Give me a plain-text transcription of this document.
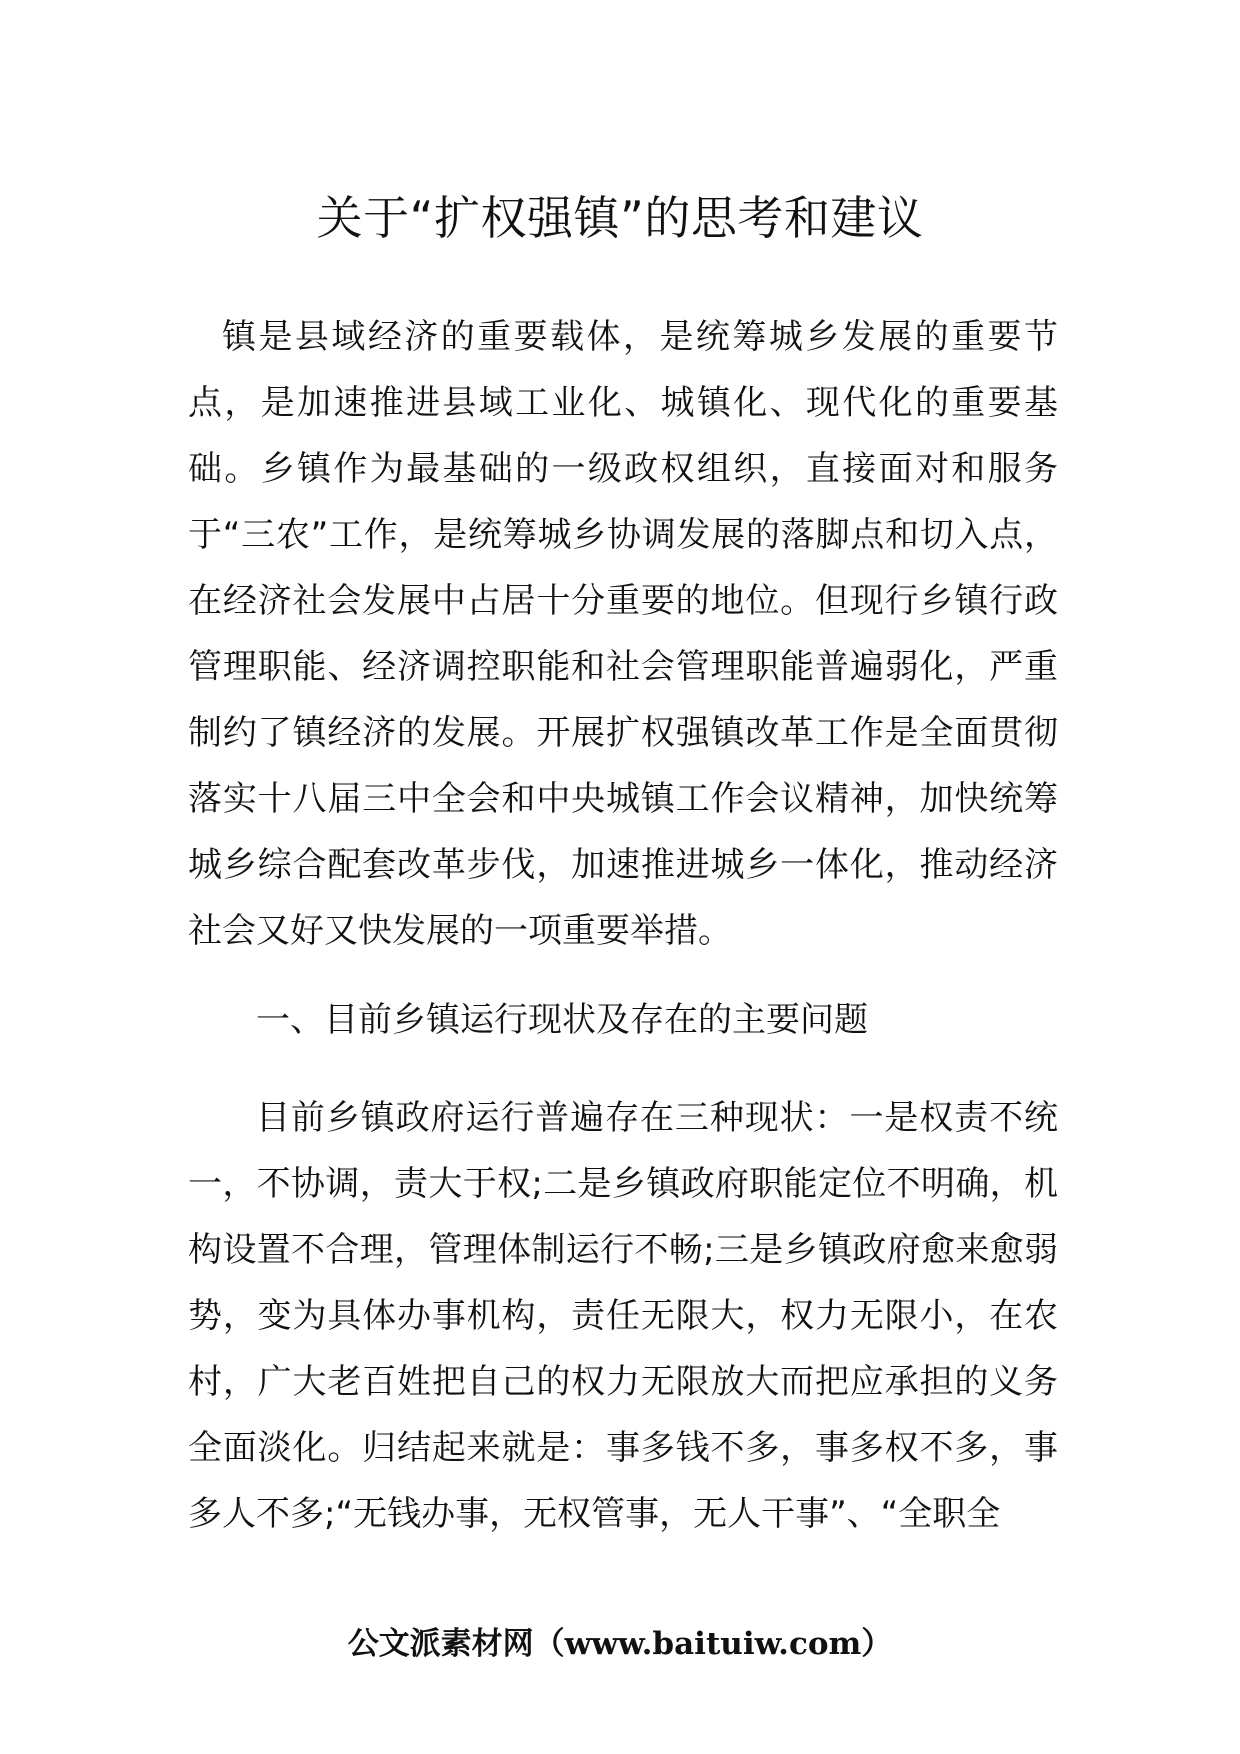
关于“扩权强镇”的思考和建议

镇是县域经济的重要载体，是统筹城乡发展的重要节点，是加速推进县域工业化、城镇化、现代化的重要基础。乡镇作为最基础的一级政权组织，直接面对和服务于“三农”工作，是统筹城乡协调发展的落脚点和切入点，在经济社会发展中占居十分重要的地位。但现行乡镇行政管理职能、经济调控职能和社会管理职能普遍弱化，严重制约了镇经济的发展。开展扩权强镇改革工作是全面贯彻落实十八届三中全会和中央城镇工作会议精神，加快统筹城乡综合配套改革步伐，加速推进城乡一体化，推动经济社会又好又快发展的一项重要举措。

一、目前乡镇运行现状及存在的主要问题

目前乡镇政府运行普遍存在三种现状：一是权责不统一，不协调，责大于权;二是乡镇政府职能定位不明确，机构设置不合理，管理体制运行不畅;三是乡镇政府愈来愈弱势，变为具体办事机构，责任无限大，权力无限小，在农村，广大老百姓把自己的权力无限放大而把应承担的义务全面淡化。归结起来就是：事多钱不多，事多权不多，事多人不多;“无钱办事，无权管事，无人干事”、“全职全

公文派素材网（www.baituiw.com）
